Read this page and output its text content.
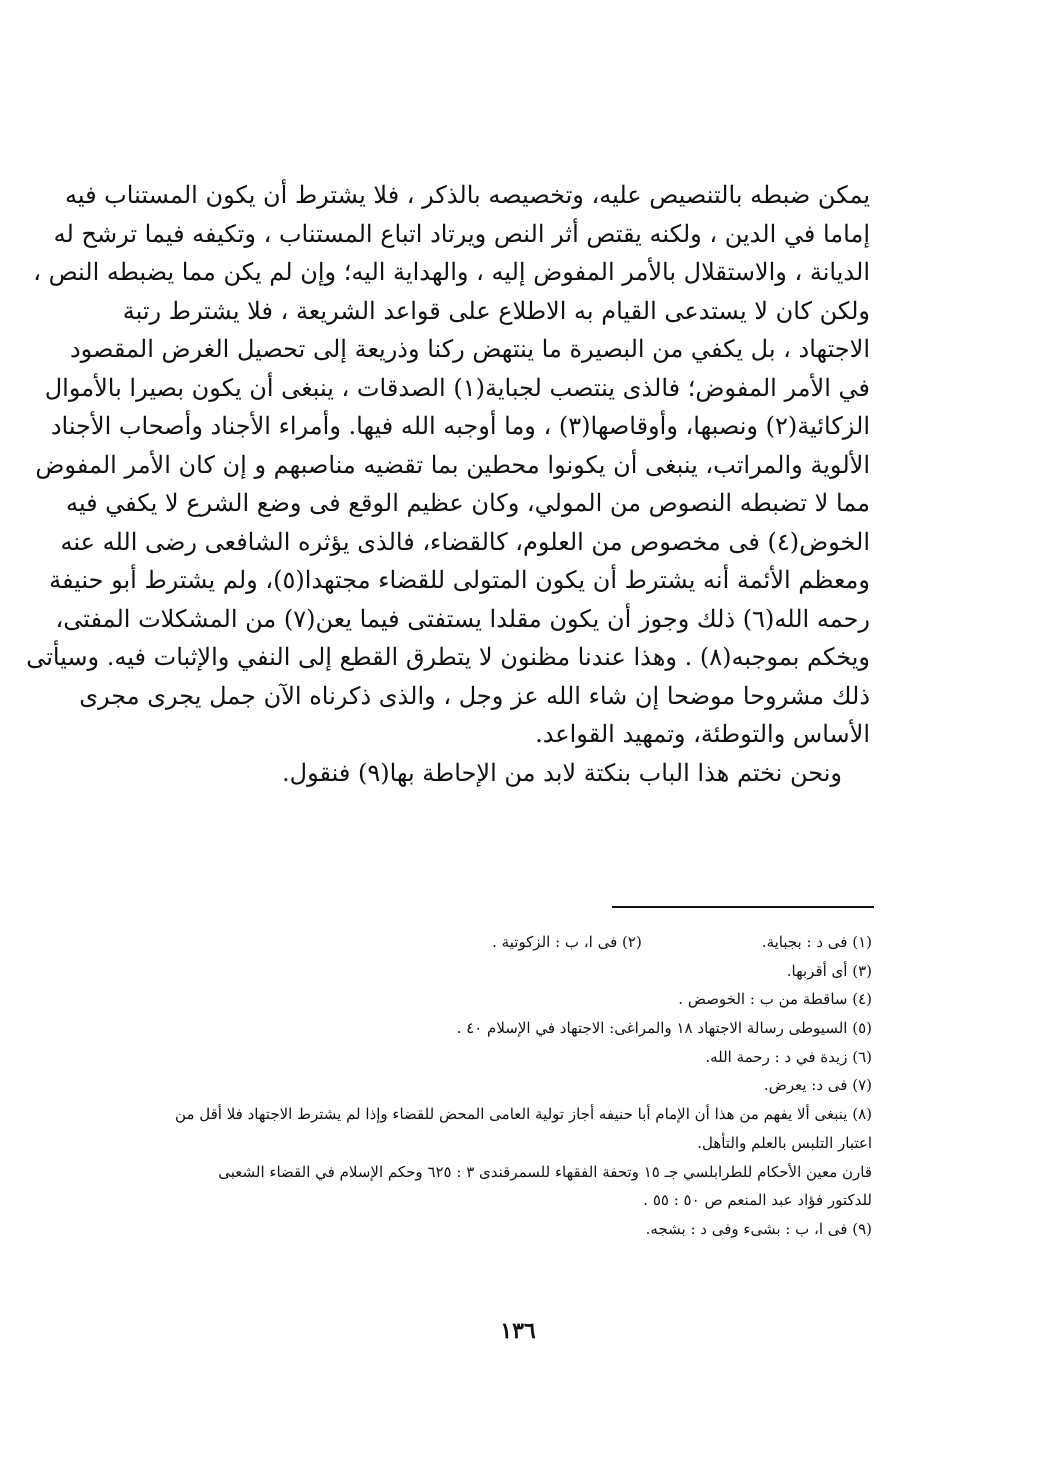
يمكن ضبطه بالتنصيص عليه، وتخصيصه بالذكر ، فلا يشترط أن يكون المستناب فيه
إماما في الدين ، ولكنه يقتص أثر النص ويرتاد اتباع المستناب ، وتكيفه فيما ترشح له
الديانة ، والاستقلال بالأمر المفوض إليه ، والهداية اليه؛ وإن لم يكن مما يضبطه النص ،
ولكن كان لا يستدعى القيام به الاطلاع على قواعد الشريعة ، فلا يشترط رتبة
الاجتهاد ، بل يكفي من البصيرة ما ينتهض ركنا وذريعة إلى تحصيل الغرض المقصود
في الأمر المفوض؛ فالذى ينتصب لجباية(١) الصدقات ، ينبغى أن يكون بصيرا بالأموال
الزكائية(٢) ونصبها، وأوقاصها(٣) ، وما أوجبه الله فيها. وأمراء الأجناد وأصحاب الأجناد
الألوية والمراتب، ينبغى أن يكونوا محطين بما تقضيه مناصبهم و إن كان الأمر المفوض
مما لا تضبطه النصوص من المولي، وكان عظيم الوقع فى وضع الشرع لا يكفي فيه
الخوض(٤) فى مخصوص من العلوم، كالقضاء، فالذى يؤثره الشافعى رضى الله عنه
ومعظم الأئمة أنه يشترط أن يكون المتولى للقضاء مجتهدا(٥)، ولم يشترط أبو حنيفة
رحمه الله(٦) ذلك وجوز أن يكون مقلدا يستفتى فيما يعن(٧) من المشكلات المفتى،
ويخكم بموجبه(٨) . وهذا عندنا مظنون لا يتطرق القطع إلى النفي والإثبات فيه. وسيأتى
ذلك مشروحا موضحا إن شاء الله عز وجل ، والذى ذكرناه الآن جمل يجرى مجرى
الأساس والتوطئة، وتمهيد القواعد.
ونحن نختم هذا الباب بنكتة لابد من الإحاطة بها(٩) فنقول.
(١) فى د : بجباية.
(٢) فى ا، ب : الزكوتية .
(٣) أى أقربها.
(٤) ساقطة من ب : الخوصض .
(٥) السيوطى رسالة الاجتهاد ١٨ والمراغى: الاجتهاد في الإسلام ٤٠ .
(٦) زيدة في د : رحمة الله.
(٧) فى د: يعرض.
(٨) ينبغى ألا يفهم من هذا أن الإمام أبا حنيفه أجاز تولية العامى المحض للقضاء وإذا لم يشترط الاجتهاد فلا أقل من
اعتبار التلبس بالعلم والتأهل.
قارن معين الأحكام للطرابلسي جـ ١٥ وتحفة الفقهاء للسمرقندى ٣ : ٦٢٥ وحكم الإسلام في القضاء الشعبى
للدكتور فؤاد عبد المنعم ص ٥٠ : ٥٥ .
(٩) فى ا، ب : بشىء وفى د : بشجه.
١٣٦
